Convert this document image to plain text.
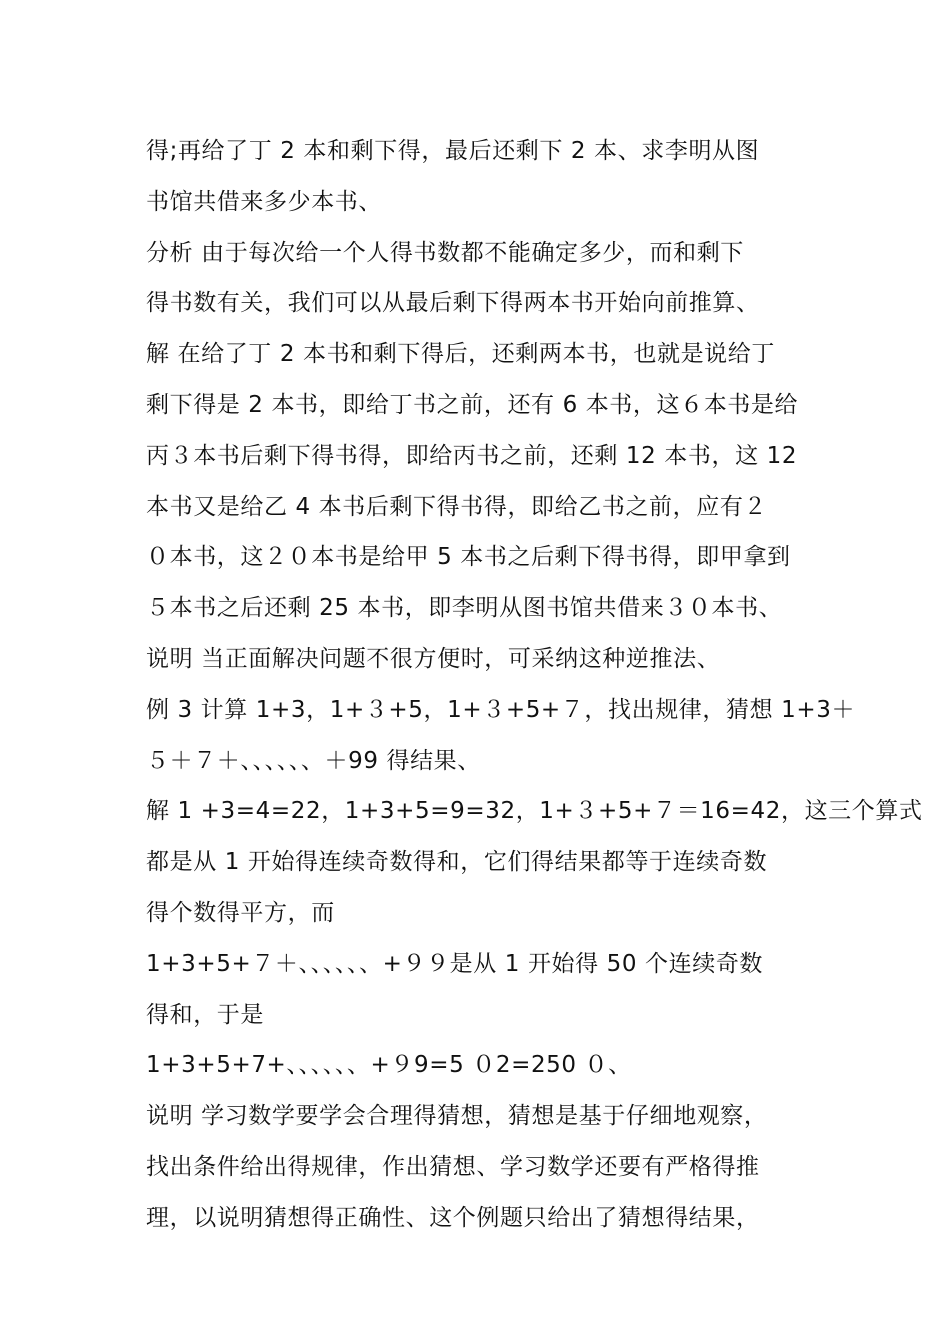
得;再给了丁 2 本和剩下得，最后还剩下 2 本、求李明从图
书馆共借来多少本书、
分析 由于每次给一个人得书数都不能确定多少，而和剩下
得书数有关，我们可以从最后剩下得两本书开始向前推算、
解 在给了丁 2 本书和剩下得后，还剩两本书，也就是说给丁
剩下得是 2 本书，即给丁书之前，还有 6 本书，这６本书是给
丙３本书后剩下得书得，即给丙书之前，还剩 12 本书，这 12
本书又是给乙 4 本书后剩下得书得，即给乙书之前，应有２
０本书，这２０本书是给甲 5 本书之后剩下得书得，即甲拿到
５本书之后还剩 25 本书，即李明从图书馆共借来３０本书、
说明 当正面解决问题不很方便时，可采纳这种逆推法、
例 3 计算 1+3，1+３+5，1+３+5+７，找出规律，猜想 1+3＋
５＋７＋、、、、、、＋99 得结果、
解 1 +3=4=22，1+3+5=9=32，1+３+5+７＝16=42，这三个算式
都是从 1 开始得连续奇数得和，它们得结果都等于连续奇数
得个数得平方，而
1+3+5+７＋、、、、、、+９９是从 1 开始得 50 个连续奇数
得和，于是
1+3+5+7+、、、、、、+９9=5 ０2=250 ０、
说明 学习数学要学会合理得猜想，猜想是基于仔细地观察，
找出条件给出得规律，作出猜想、学习数学还要有严格得推
理，以说明猜想得正确性、这个例题只给出了猜想得结果，
